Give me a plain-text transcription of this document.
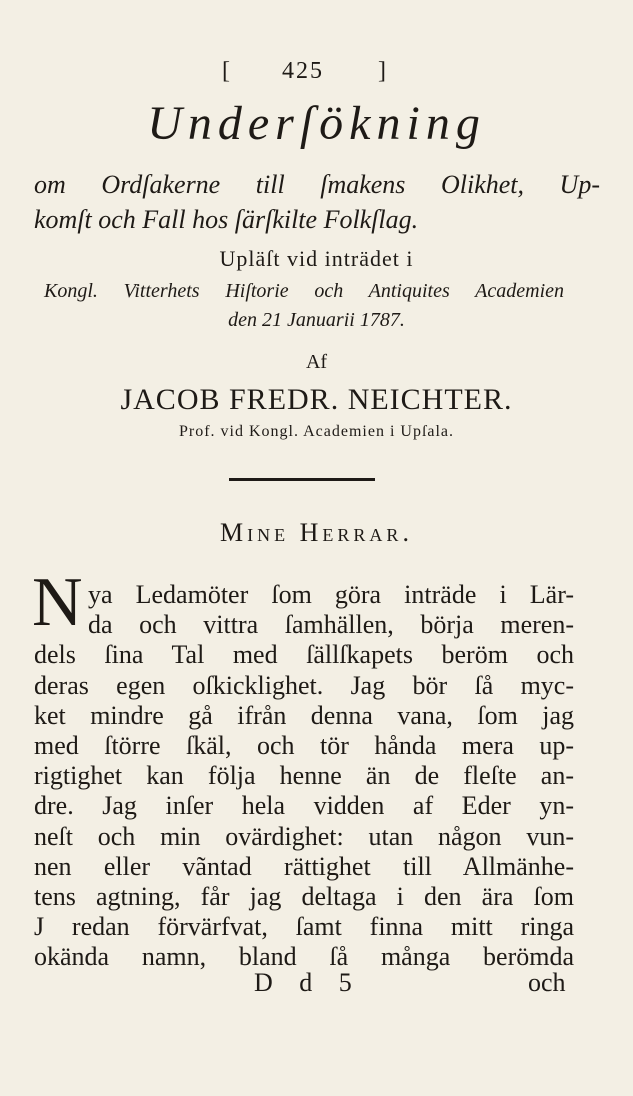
[ 425 ]
Underſökning
om Ordſakerne till ſmakens Olikhet, Up-
komſt och Fall hos ſärſkilte Folkſlag.
Upläſt vid inträdet i
Kongl. Vitterhets Hiſtorie och Antiquites Academien
den 21 Januarii 1787.
Af
JACOB FREDR. NEICHTER.
Prof. vid Kongl. Academien i Upſala.
Mine Herrar.
N ya Ledamöter ſom göra inträde i Lär-
da och vittra ſamhällen, börja meren-
dels ſina Tal med ſällſkapets beröm och
deras egen oſkicklighet. Jag bör ſå myc-
ket mindre gå ifrån denna vana, ſom jag
med ſtörre ſkäl, och tör hånda mera up-
rigtighet kan följa henne än de fleſte an-
dre. Jag inſer hela vidden af Eder yn-
neſt och min ovärdighet: utan någon vun-
nen eller vãntad rättighet till Allmänhe-
tens agtning, får jag deltaga i den ära ſom
J redan förvärfvat, ſamt finna mitt ringa
okända namn, bland ſå många berömda
D d 5	och
